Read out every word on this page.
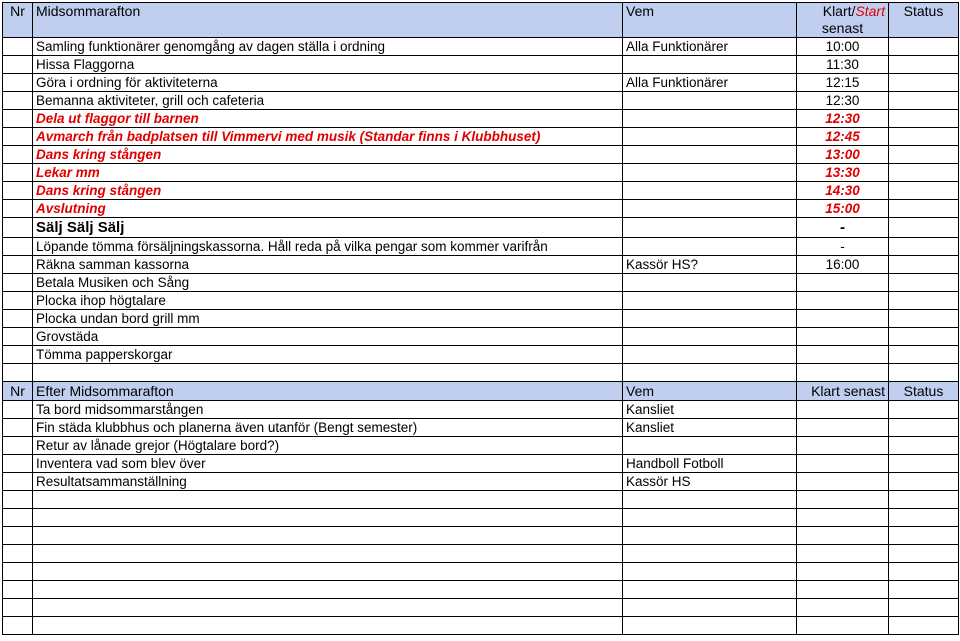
Nr	Midsommarafton	Vem	Klart/Start	Status
			senast	
	Samling funktionärer genomgång av dagen ställa i ordning	Alla Funktionärer	10:00	
	Hissa Flaggorna		11:30	
	Göra i ordning för aktiviteterna	Alla Funktionärer	12:15	
	Bemanna aktiviteter, grill och cafeteria		12:30	
	Dela ut flaggor till barnen		12:30	
	Avmarch från badplatsen till Vimmervi med musik (Standar finns i Klubbhuset)		12:45	
	Dans kring stången		13:00	
	Lekar mm		13:30	
	Dans kring stången		14:30	
	Avslutning		15:00	
	Sälj Sälj Sälj		-	
	Löpande tömma försäljningskassorna. Håll reda på vilka pengar som kommer varifrån		-	
	Räkna samman kassorna	Kassör HS?	16:00	
	Betala Musiken och Sång			
	Plocka ihop högtalare			
	Plocka undan bord grill mm			
	Grovstäda			
	Tömma papperskorgar			

Nr	Efter Midsommarafton	Vem	Klart senast	Status
	Ta bord midsommarstången	Kansliet		
	Fin städa klubbhus och planerna även utanför (Bengt semester)	Kansliet		
	Retur av lånade grejor (Högtalare bord?)			
	Inventera vad som blev över	Handboll Fotboll		
	Resultatsammanställning	Kassör HS		
